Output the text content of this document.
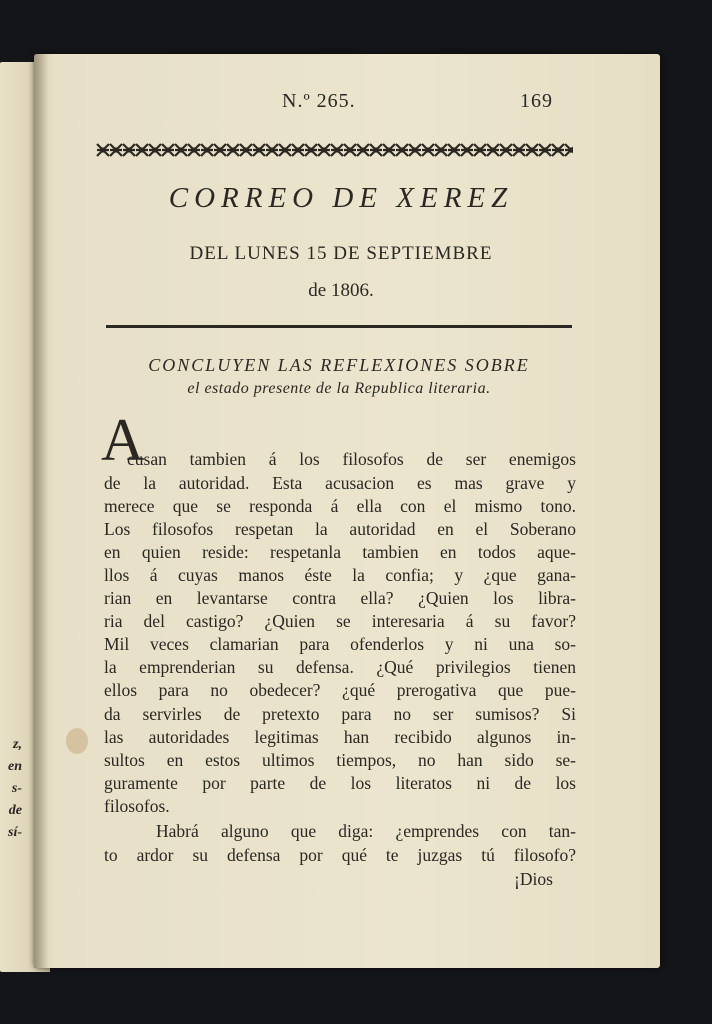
z,
en
s-
de
sí-
N.º 265.	169
CORREO DE XEREZ
DEL LUNES 15 DE SEPTIEMBRE
de 1806.
CONCLUYEN LAS REFLEXIONES SOBRE
el estado presente de la Republica literaria.
A
cusan tambien á los filosofos de ser enemigos
de la autoridad. Esta acusacion es mas grave y
merece que se responda á ella con el mismo tono.
Los filosofos respetan la autoridad en el Soberano
en quien reside: respetanla tambien en todos aque-
llos á cuyas manos éste la confia; y ¿que gana-
rian en levantarse contra ella? ¿Quien los libra-
ria del castigo? ¿Quien se interesaria á su favor?
Mil veces clamarian para ofenderlos y ni una so-
la emprenderian su defensa. ¿Qué privilegios tienen
ellos para no obedecer? ¿qué prerogativa que pue-
da servirles de pretexto para no ser sumisos? Si
las autoridades legitimas han recibido algunos in-
sultos en estos ultimos tiempos, no han sido se-
guramente por parte de los literatos ni de los
filosofos.
Habrá alguno que diga: ¿emprendes con tan-
to ardor su defensa por qué te juzgas tú filosofo?
¡Dios
